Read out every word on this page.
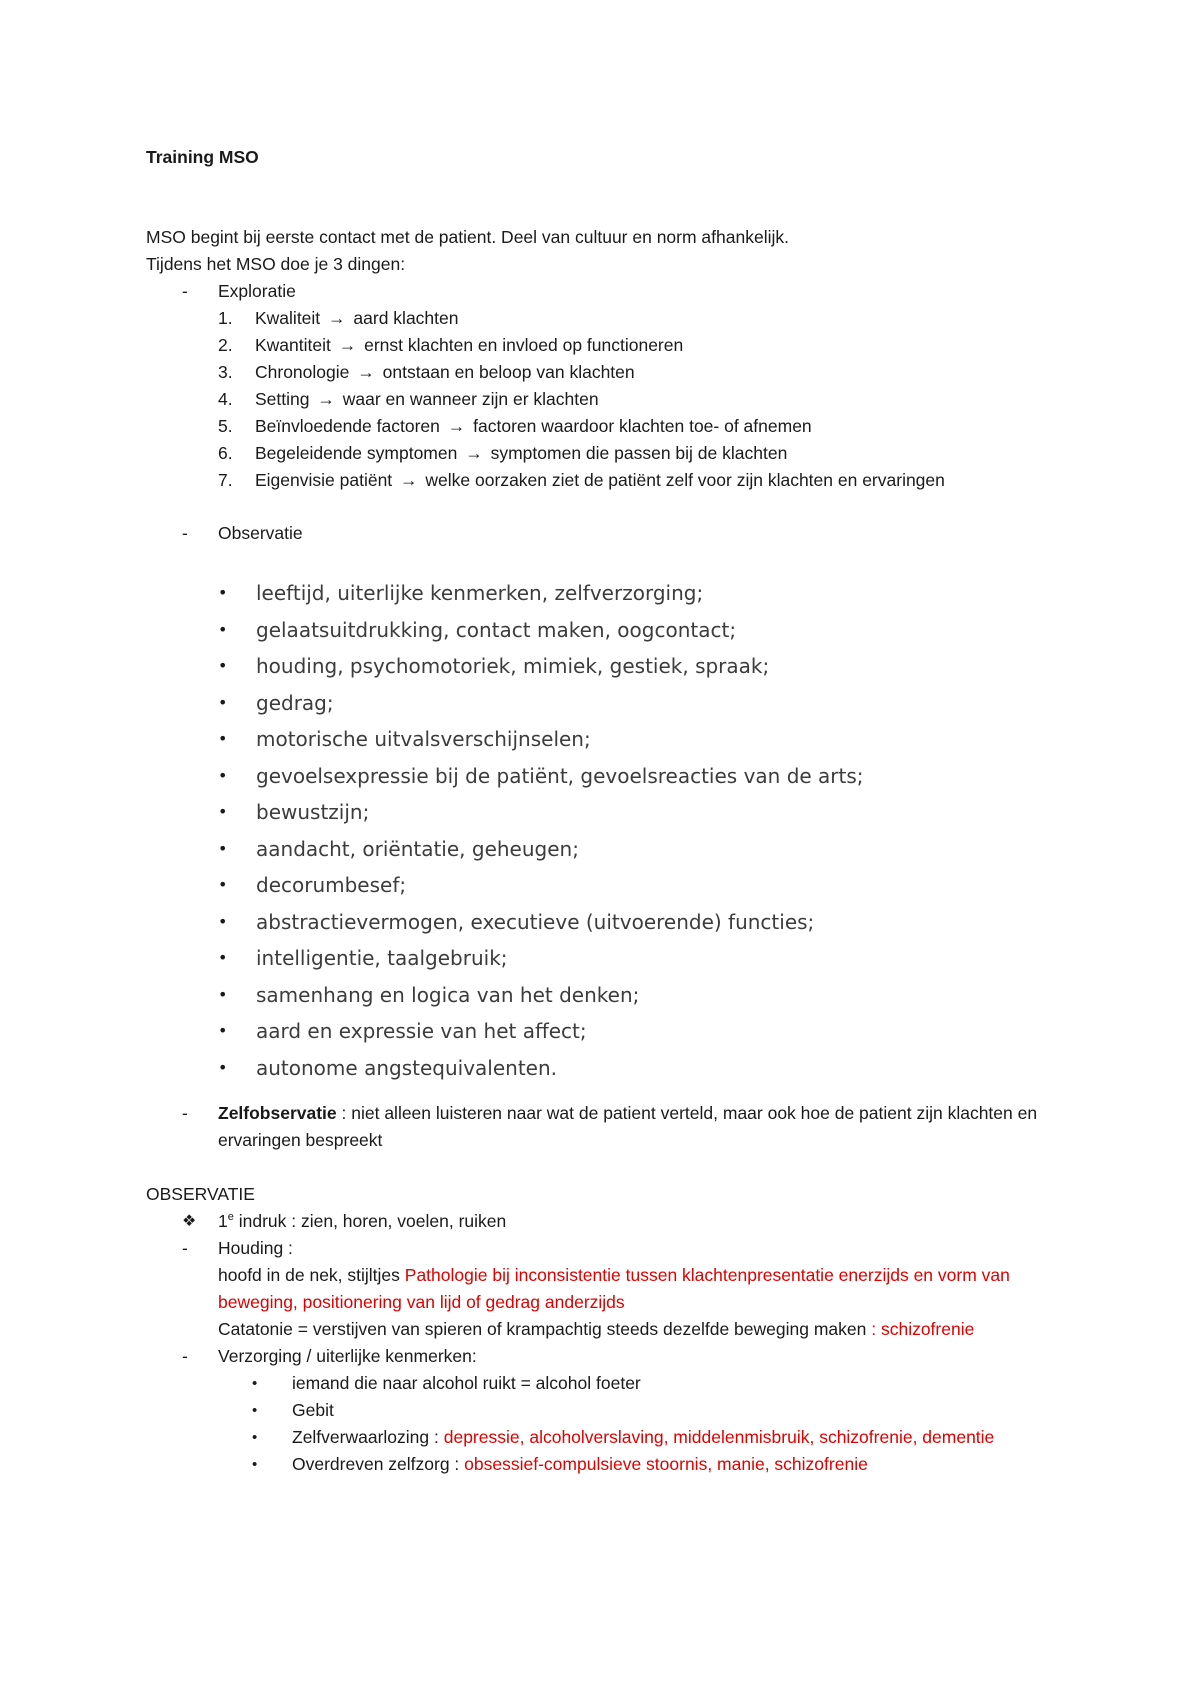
Training MSO
MSO begint bij eerste contact met de patient. Deel van cultuur en norm afhankelijk.
Tijdens het MSO doe je 3 dingen:
- Exploratie
1. Kwaliteit → aard klachten
2. Kwantiteit → ernst klachten en invloed op functioneren
3. Chronologie → ontstaan en beloop van klachten
4. Setting → waar en wanneer zijn er klachten
5. Beïnvloedende factoren → factoren waardoor klachten toe- of afnemen
6. Begeleidende symptomen → symptomen die passen bij de klachten
7. Eigenvisie patiënt → welke oorzaken ziet de patiënt zelf voor zijn klachten en ervaringen
- Observatie
• leeftijd, uiterlijke kenmerken, zelfverzorging;
• gelaatsuitdrukking, contact maken, oogcontact;
• houding, psychomotoriek, mimiek, gestiek, spraak;
• gedrag;
• motorische uitvalsverschijnselen;
• gevoelsexpressie bij de patiënt, gevoelsreacties van de arts;
• bewustzijn;
• aandacht, oriëntatie, geheugen;
• decorumbesef;
• abstractievermogen, executieve (uitvoerende) functies;
• intelligentie, taalgebruik;
• samenhang en logica van het denken;
• aard en expressie van het affect;
• autonome angstequivalenten.
- Zelfobservatie : niet alleen luisteren naar wat de patient verteld, maar ook hoe de patient zijn klachten en ervaringen bespreekt
OBSERVATIE
❖ 1e indruk : zien, horen, voelen, ruiken
- Houding :
hoofd in de nek, stijltjes Pathologie bij inconsistentie tussen klachtenpresentatie enerzijds en vorm van beweging, positionering van lijd of gedrag anderzijds
Catatonie = verstijven van spieren of krampachtig steeds dezelfde beweging maken : schizofrenie
- Verzorging / uiterlijke kenmerken:
• iemand die naar alcohol ruikt = alcohol foeter
• Gebit
• Zelfverwaarlozing : depressie, alcoholverslaving, middelenmisbruik, schizofrenie, dementie
• Overdreven zelfzorg : obsessief-compulsieve stoornis, manie, schizofrenie
